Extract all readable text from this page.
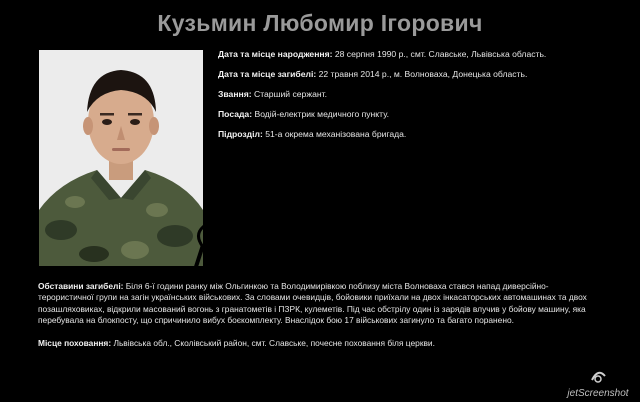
Кузьмин Любомир Ігорович
Дата та місце народження: 28 серпня 1990 р., смт. Славське, Львівська область.
Дата та місце загибелі: 22 травня 2014 р., м. Волноваха, Донецька область.
Звання: Старший сержант.
Посада: Водій-електрик медичного пункту.
Підрозділ: 51-а окрема механізована бригада.
Обставини загибелі: Біля 6-ї години ранку між Ольгинкою та Володимирівкою поблизу міста Волноваха стався напад диверсійно-терористичної групи на загін українських військових. За словами очевидців, бойовики приїхали на двох інкасаторських автомашинах та двох позашляховиках, відкрили масований вогонь з гранатометів і ПЗРК, кулеметів. Під час обстрілу один із зарядів влучив у бойову машину, яка перебувала на блокпосту, що спричинило вибух боєкомплекту. Внаслідок бою 17 військових загинуло та багато поранено.
Місце поховання: Львівська обл., Сколівський район, смт. Славське, почесне поховання біля церкви.
jetScreenshot
